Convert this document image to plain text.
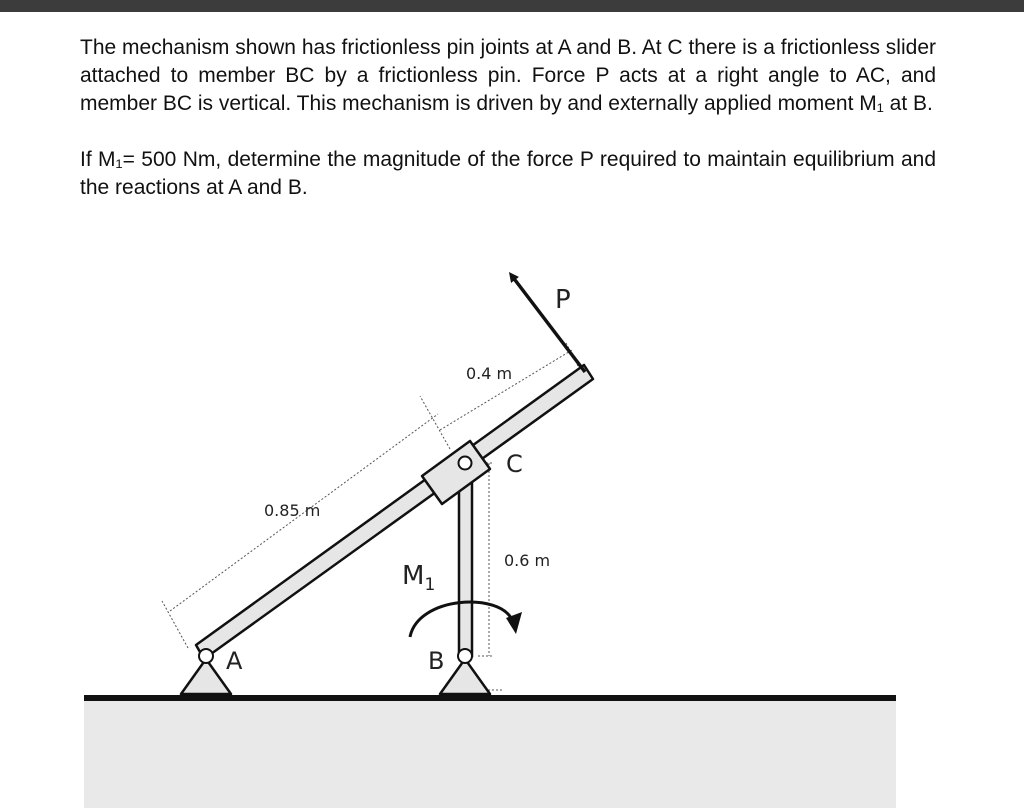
The mechanism shown has frictionless pin joints at A and B. At C there is a frictionless slider attached to member BC by a frictionless pin. Force P acts at a right angle to AC, and member BC is vertical. This mechanism is driven by and externally applied moment M₁ at B.

If M₁= 500 Nm, determine the magnitude of the force P required to maintain equilibrium and the reactions at A and B.

0.85 m
0.4 m
0.6 m
P
C
A	B
$M_1$
